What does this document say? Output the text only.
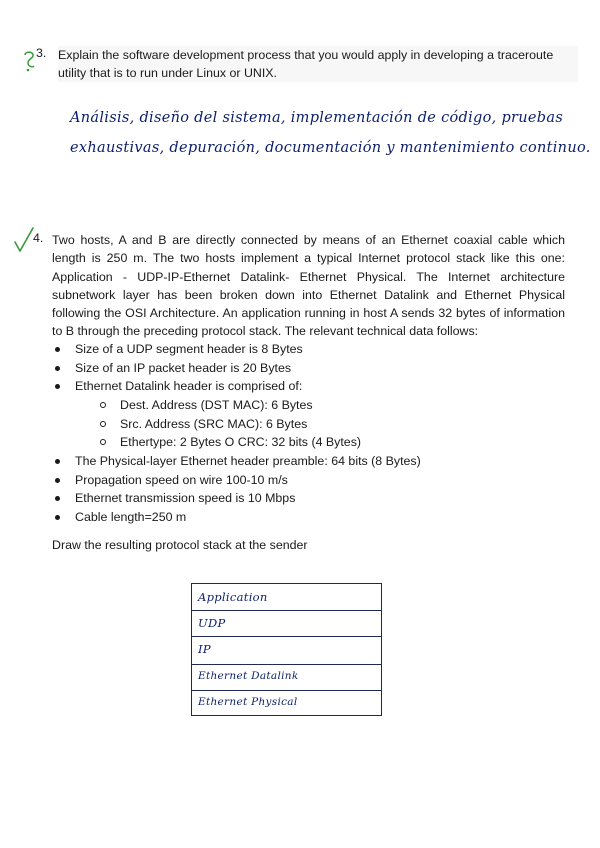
3. Explain the software development process that you would apply in developing a traceroute utility that is to run under Linux or UNIX.
Análisis, diseño del sistema, implementación de código, pruebas
exhaustivas, depuración, documentación y mantenimiento continuo.
4. Two hosts, A and B are directly connected by means of an Ethernet coaxial cable which length is 250 m. The two hosts implement a typical Internet protocol stack like this one: Application - UDP-IP-Ethernet Datalink- Ethernet Physical. The Internet architecture subnetwork layer has been broken down into Ethernet Datalink and Ethernet Physical following the OSI Architecture. An application running in host A sends 32 bytes of information to B through the preceding protocol stack. The relevant technical data follows:
Size of a UDP segment header is 8 Bytes
Size of an IP packet header is 20 Bytes
Ethernet Datalink header is comprised of:
Dest. Address (DST MAC): 6 Bytes
Src. Address (SRC MAC): 6 Bytes
Ethertype: 2 Bytes O CRC: 32 bits (4 Bytes)
The Physical-layer Ethernet header preamble: 64 bits (8 Bytes)
Propagation speed on wire 100-10 m/s
Ethernet transmission speed is 10 Mbps
Cable length=250 m
Draw the resulting protocol stack at the sender
Application
UDP
IP
Ethernet Datalink
Ethernet Physical
